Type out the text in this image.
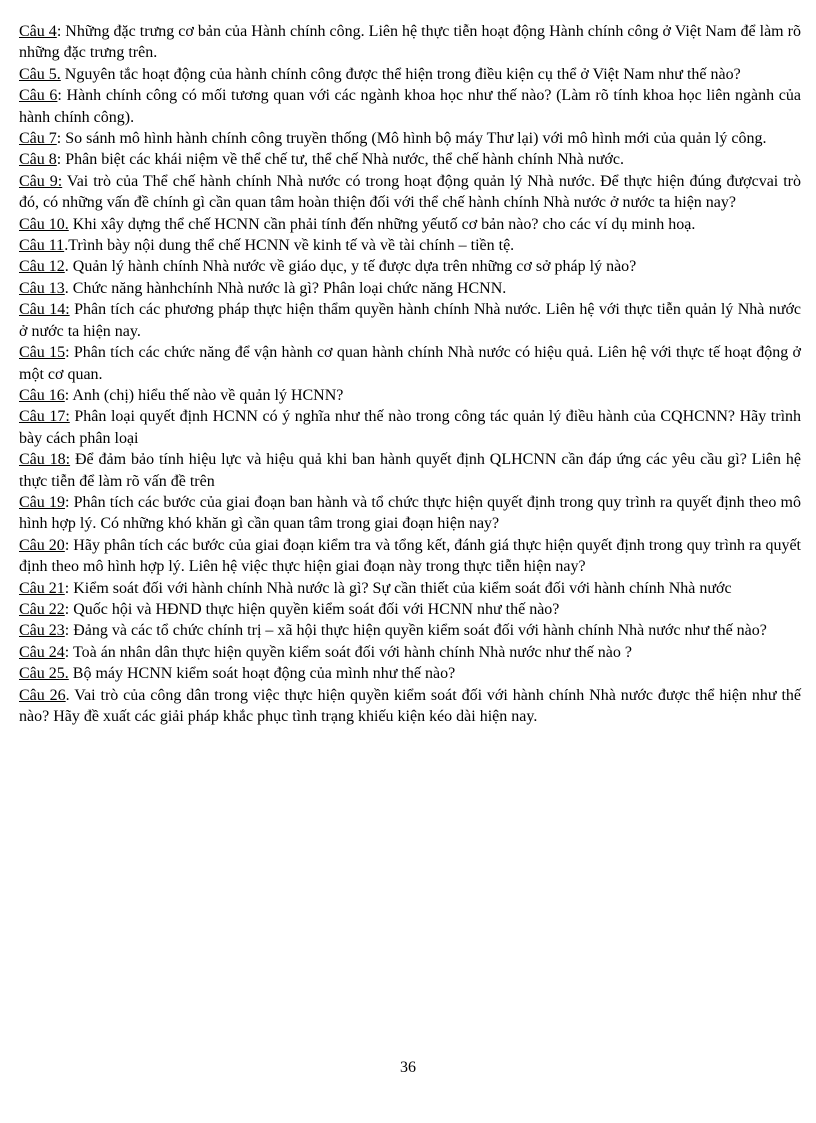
Câu 4: Những đặc trưng cơ bản của Hành chính công. Liên hệ thực tiễn hoạt động Hành chính công ở Việt Nam để làm rõ những đặc trưng trên.

Câu 5. Nguyên tắc hoạt động của hành chính công được thể hiện trong điều kiện cụ thể ở Việt Nam như thế nào?

Câu 6: Hành chính công có mối tương quan với các ngành khoa học như thế nào? (Làm rõ tính khoa học liên ngành của hành chính công).

Câu 7: So sánh mô hình hành chính công truyền thống (Mô hình bộ máy Thư lại) với mô hình mới của quản lý công.

Câu 8: Phân biệt các khái niệm về thể chế tư, thể chế Nhà nước, thể chế hành chính Nhà nước.

Câu 9: Vai trò của Thể chế hành chính Nhà nước có trong hoạt động quản lý Nhà nước. Để thực hiện đúng đượcvai trò đó, có những vấn đề chính gì cần quan tâm hoàn thiện đối với thể chế hành chính Nhà nước ở nước ta hiện nay?

Câu 10. Khi xây dựng thể chế HCNN cần phải tính đến những yếutố cơ bản nào? cho các ví dụ minh hoạ.

Câu 11.Trình bày nội dung thể chế HCNN về kinh tế và về tài chính – tiền tệ.

Câu 12. Quản lý hành chính Nhà nước về giáo dục, y tế được dựa trên những cơ sở pháp lý nào?

Câu 13. Chức năng hànhchính Nhà nước là gì? Phân loại chức năng HCNN.

Câu 14: Phân tích các phương pháp thực hiện thẩm quyền hành chính Nhà nước. Liên hệ với thực tiễn quản lý Nhà nước ở nước ta hiện nay.

Câu 15: Phân tích các chức năng để vận hành cơ quan hành chính Nhà nước có hiệu quả. Liên hệ với thực tế hoạt động ở một cơ quan.

Câu 16: Anh (chị) hiểu thế nào về quản lý HCNN?

Câu 17: Phân loại quyết định HCNN có ý nghĩa như thế nào trong công tác quản lý điều hành của CQHCNN? Hãy trình bày cách phân loại

Câu 18: Để đảm bảo tính hiệu lực và hiệu quả khi ban hành quyết định QLHCNN cần đáp ứng các yêu cầu gì? Liên hệ thực tiễn để làm rõ vấn đề trên

Câu 19: Phân tích các bước của giai đoạn ban hành và tổ chức thực hiện quyết định trong quy trình ra quyết định theo mô hình hợp lý. Có những khó khăn gì cần quan tâm trong giai đoạn hiện nay?

Câu 20: Hãy phân tích các bước của giai đoạn kiểm tra và tổng kết, đánh giá thực hiện quyết định trong quy trình ra quyết định theo mô hình hợp lý. Liên hệ việc thực hiện giai đoạn này trong thực tiễn hiện nay?

Câu 21: Kiểm soát đối với hành chính Nhà nước là gì? Sự cần thiết của kiểm soát đối với hành chính Nhà nước

Câu 22: Quốc hội và HĐND thực hiện quyền kiểm soát đối với HCNN như thế nào?

Câu 23: Đảng và các tổ chức chính trị – xã hội thực hiện quyền kiểm soát đối với hành chính Nhà nước như thế nào?

Câu 24: Toà án nhân dân thực hiện quyền kiểm soát đối với hành chính Nhà nước như thế nào ?

Câu 25. Bộ máy HCNN kiểm soát hoạt động của mình như thế nào?

Câu 26. Vai trò của công dân trong việc thực hiện quyền kiểm soát đối với hành chính Nhà nước được thể hiện như thế nào? Hãy đề xuất các giải pháp khắc phục tình trạng khiếu kiện kéo dài hiện nay.

36
